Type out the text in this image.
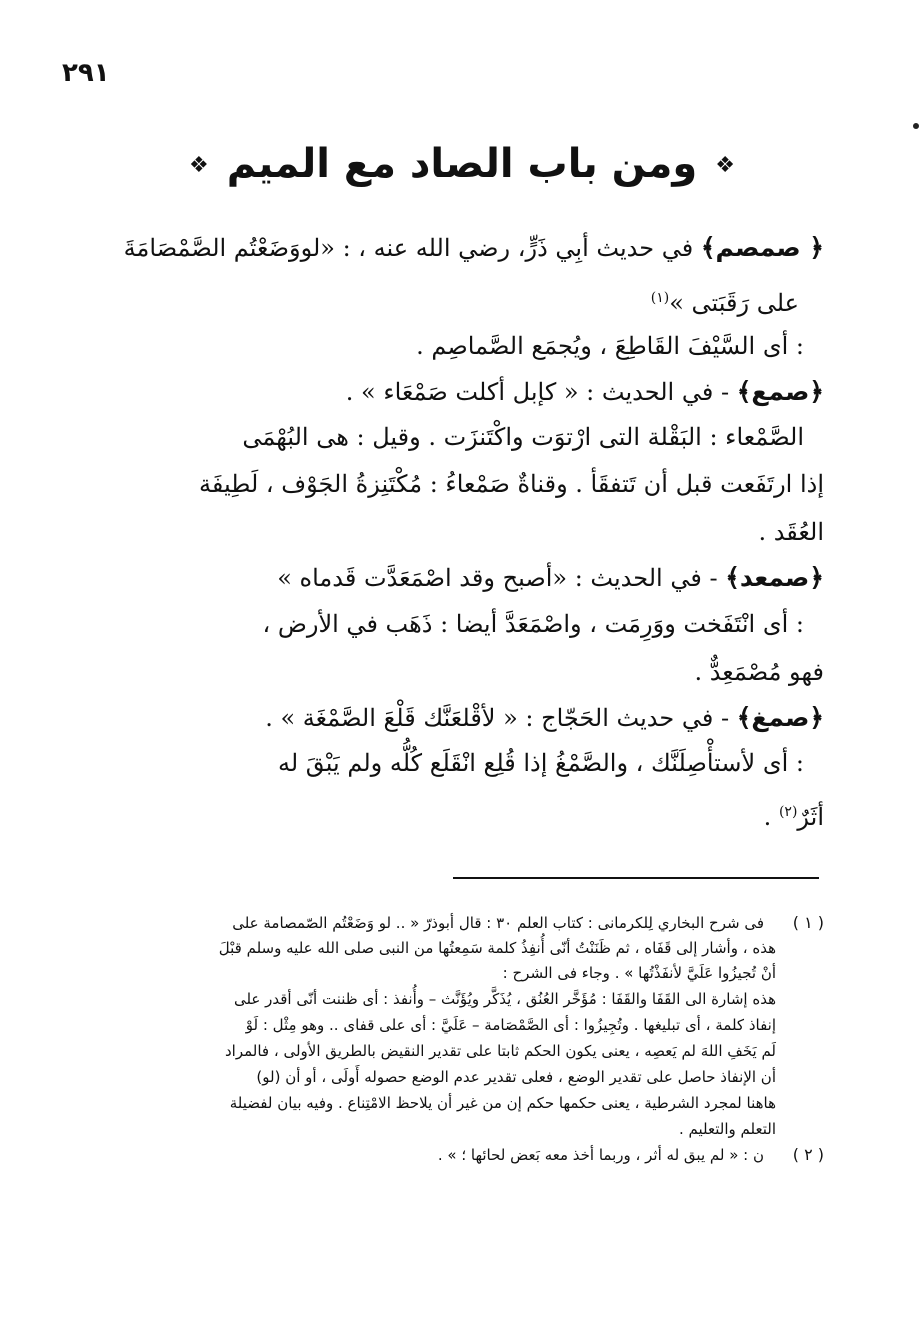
٢٩١
❖ ومن باب الصاد مع الميم ❖
﴿ صمصم﴾ في حديث أبِي ذَرٍّ، رضي الله عنه ، : «لووَضَعْتُم الصَّمْصَامَةَ
على رَقَبَتى »$^{(١)}$
: أى السَّيْفَ القَاطِعَ ، ويُجمَع الصَّماصِم .
﴿صمع﴾ - في الحديث : « كإبل أكلت صَمْعَاء » .
الصَّمْعاء : البَقْلة التى ارْتوَت واكْتَنزَت . وقيل : هى البُهْمَى
إذا ارتَفَعت قبل أن تَتفقَأ . وقناةٌ صَمْعاءُ : مُكْتَنِزةُ الجَوْف ، لَطِيفَة
العُقَد .
﴿صمعد﴾ - في الحديث : «أصبح وقد اصْمَعَدَّت قَدماه »
: أى انْتَفَخت ووَرِمَت ، واصْمَعَدَّ أيضا : ذَهَب في الأرض ،
فهو مُصْمَعِدٌّ .
﴿صمغ﴾ - في حديث الحَجّاج : « لأقْلعَنَّك قَلْعَ الصَّمْغَة » .
: أى لأستأْصِلَنَّك ، والصَّمْغُ إذا قُلِع انْقَلَع كُلُّه ولم يَبْقَ له
أثَرٌ$^{(٢)}$ .
( ١ )
فى شرح البخاري لِلكرمانى : كتاب العلم ٣٠ : قال أبوذرّ « .. لو وَضَعْتُم الصّمصامة على
هذه ، وأشار إلى قَفَاه ، ثم ظَنَنْتُ أنّى أُنفِذُ كلمة سَمِعتُها من النبى صلى الله عليه وسلم قبْلَ
أنْ تُجيزُوا عَلَيَّ لأنفَذْتُها » . وجاء فى الشرح :
هذه إشارة الى القَفَا والقَفَا : مُؤَخَّر العُنُق ، يُذَكَّر ويُؤَنَّث – وأُنفذ : أى ظننت أنّى أقدر على
إنفاذ كلمة ، أى تبليغها . وتُجِيزُوا : أى الصَّمْصَامة – عَلَيَّ : أى على قفاى .. وهو مِثْل : لَوْ
لَم يَخَفِ اللهَ لم يَعصِه ، يعنى يكون الحكم ثابتا على تقدير النقيض بالطريق الأولى ، فالمراد
أن الإنفاذ حاصل على تقدير الوضع ، فعلى تقدير عدم الوضع حصوله أَولَى ، أو أن (لو)
هاهنا لمجرد الشرطية ، يعنى حكمها حكم إن من غير أن يلاحظ الامْتِناع . وفيه بيان لفضيلة
التعلم والتعليم .
( ٢ )
ن : « لم يبق له أثر ، وربما أخذ معه بَعض لحائها ؛ » .
